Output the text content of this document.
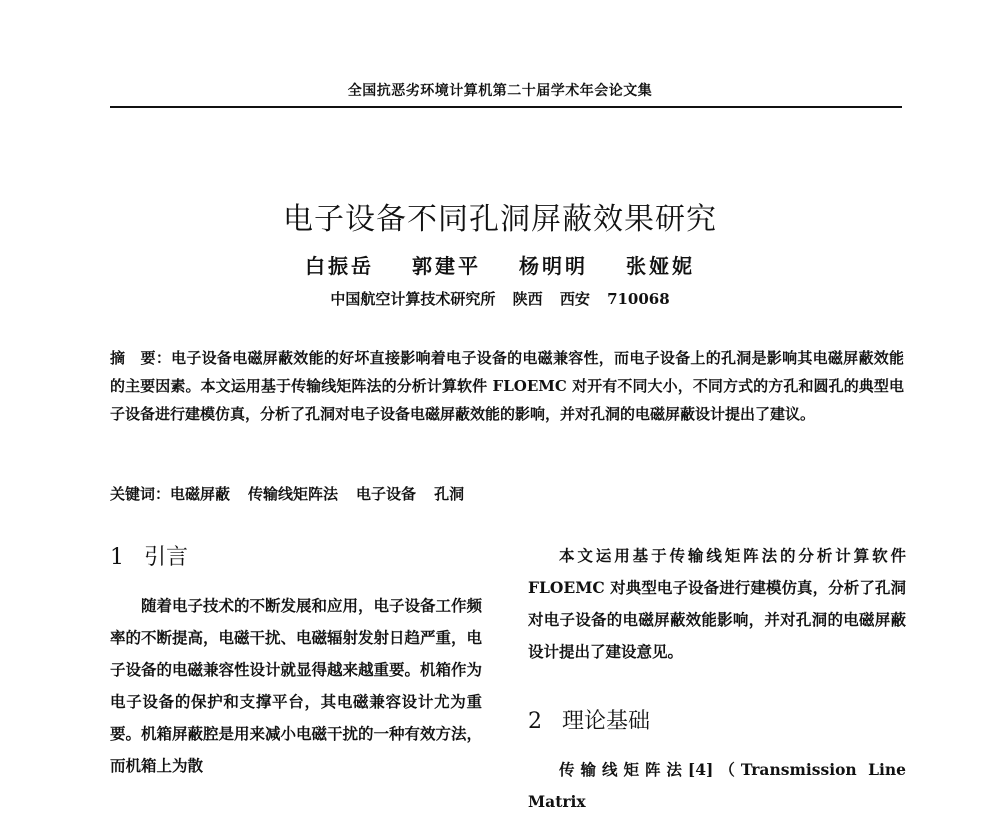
全国抗恶劣环境计算机第二十届学术年会论文集
电子设备不同孔洞屏蔽效果研究
白振岳 郭建平 杨明明 张娅妮
中国航空计算技术研究所 陕西 西安 710068

摘　要：电子设备电磁屏蔽效能的好坏直接影响着电子设备的电磁兼容性，而电子设备上的孔洞是影响其电磁屏蔽效能的主要因素。本文运用基于传输线矩阵法的分析计算软件 FLOEMC 对开有不同大小，不同方式的方孔和圆孔的典型电子设备进行建模仿真，分析了孔洞对电子设备电磁屏蔽效能的影响，并对孔洞的电磁屏蔽设计提出了建议。

关键词：电磁屏蔽 传输线矩阵法 电子设备 孔洞
1 引言

随着电子技术的不断发展和应用，电子设备工作频率的不断提高，电磁干扰、电磁辐射发射日趋严重，电子设备的电磁兼容性设计就显得越来越重要。机箱作为电子设备的保护和支撑平台，其电磁兼容设计尤为重要。机箱屏蔽腔是用来减小电磁干扰的一种有效方法，而机箱上为散

本文运用基于传输线矩阵法的分析计算软件 FLOEMC 对典型电子设备进行建模仿真，分析了孔洞对电子设备的电磁屏蔽效能影响，并对孔洞的电磁屏蔽设计提出了建设意见。

2 理论基础

传输线矩阵法[4]（Transmission Line Matrix
